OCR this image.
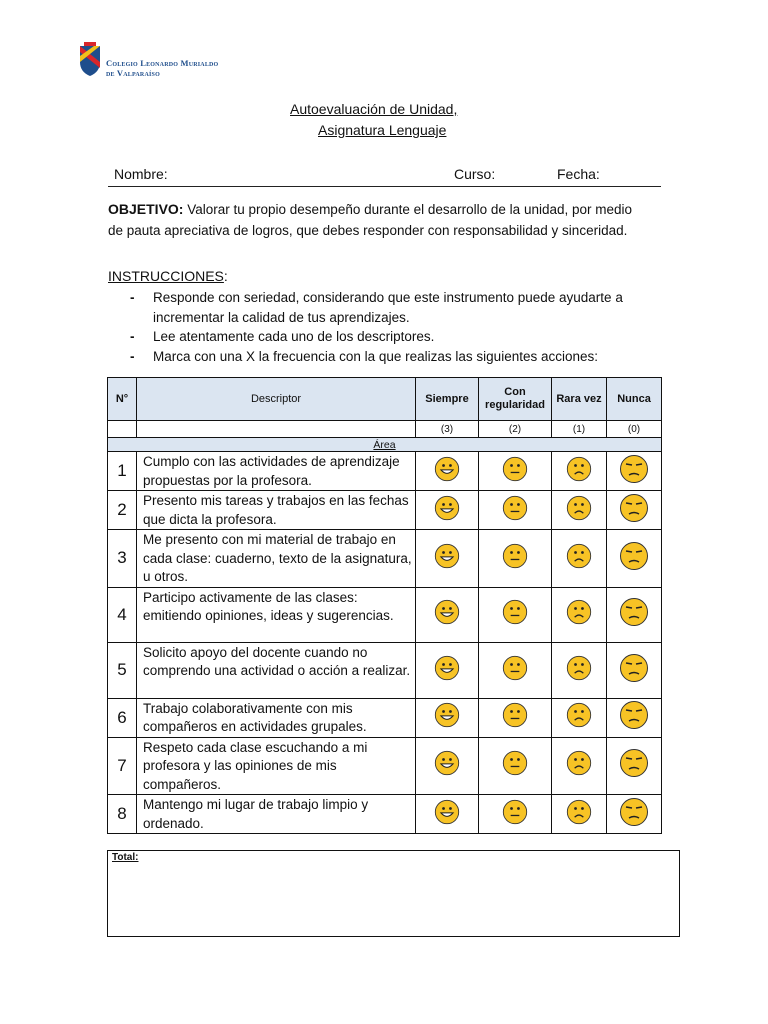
Colegio Leonardo Murialdo
de Valparaíso
Autoevaluación de Unidad,
Asignatura Lenguaje
Nombre:	Curso:	Fecha:
OBJETIVO: Valorar tu propio desempeño durante el desarrollo de la unidad, por medio de pauta apreciativa de logros, que debes responder con responsabilidad y sinceridad.
INSTRUCCIONES:
- Responde con seriedad, considerando que este instrumento puede ayudarte a incrementar la calidad de tus aprendizajes.
- Lee atentamente cada uno de los descriptores.
- Marca con una X la frecuencia con la que realizas las siguientes acciones:
N°	Descriptor	Siempre	Con regularidad	Rara vez	Nunca
		(3)	(2)	(1)	(0)
Área					
1	Cumplo con las actividades de aprendizaje propuestas por la profesora.	

2	Presento mis tareas y trabajos en las fechas que dicta la profesora.	

3	Me presento con mi material de trabajo en cada clase: cuaderno, texto de la asignatura, u otros.	

4	Participo activamente de las clases: emitiendo opiniones, ideas y sugerencias.	

5	Solicito apoyo del docente cuando no comprendo una actividad o acción a realizar.	

6	Trabajo colaborativamente con mis compañeros en actividades grupales.	

7	Respeto cada clase escuchando a mi profesora y las opiniones de mis compañeros.	

8	Mantengo mi lugar de trabajo limpio y ordenado.	

Total:
